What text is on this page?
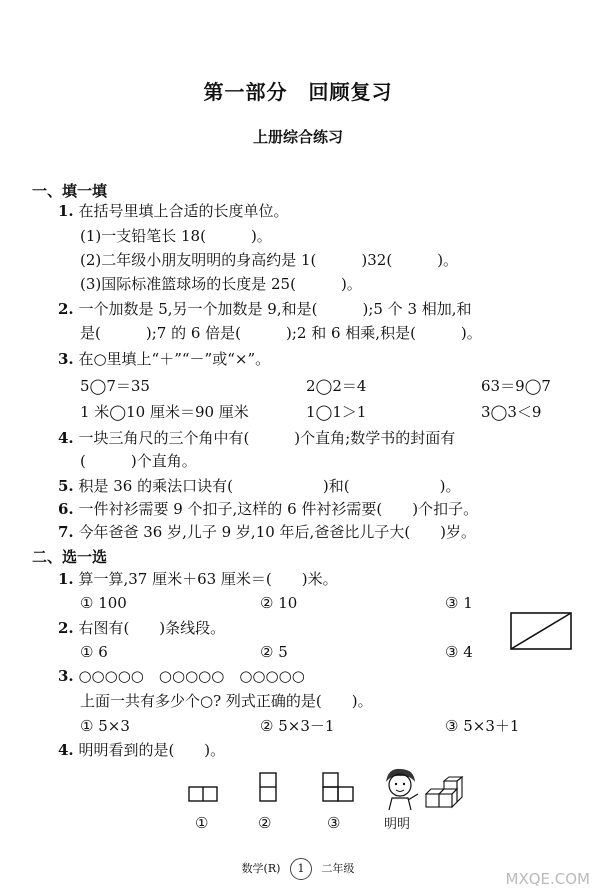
第一部分　回顾复习
上册综合练习
一、填一填
1. 在括号里填上合适的长度单位。
(1)一支铅笔长 18(　　　)。
(2)二年级小朋友明明的身高约是 1(　　　)32(　　　)。
(3)国际标准篮球场的长度是 25(　　　)。
2. 一个加数是 5,另一个加数是 9,和是(　　　);5 个 3 相加,和
是(　　　);7 的 6 倍是(　　　);2 和 6 相乘,积是(　　　)。
3. 在○里填上“＋”“－”或“×”。
5◯7＝35	2◯2＝4	63＝9◯7
1 米◯10 厘米＝90 厘米	1◯1＞1	3◯3＜9
4. 一块三角尺的三个角中有(　　　)个直角;数学书的封面有
(　　　)个直角。
5. 积是 36 的乘法口诀有(　　　　　　)和(　　　　　　)。
6. 一件衬衫需要 9 个扣子,这样的 6 件衬衫需要(　　)个扣子。
7. 今年爸爸 36 岁,儿子 9 岁,10 年后,爸爸比儿子大(　　)岁。
二、选一选
1. 算一算,37 厘米＋63 厘米＝(　　)米。
① 100	② 10	③ 1
2. 右图有(　　)条线段。
① 6	② 5	③ 4
3. ○○○○○　○○○○○　○○○○○
上面一共有多少个○? 列式正确的是(　　)。
① 5×3	② 5×3－1	③ 5×3＋1
4. 明明看到的是(　　)。
①	②	③	明明
数学(R) 1 二年级
MXQE.COM
